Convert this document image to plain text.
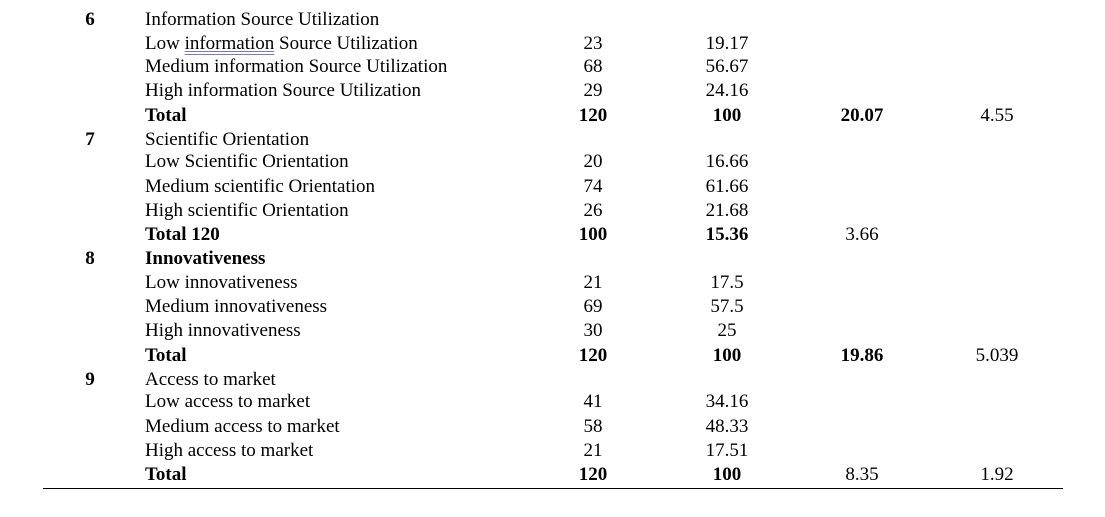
6	Information Source Utilization
Low information Source Utilization	23	19.17
Medium information Source Utilization	68	56.67
High information Source Utilization	29	24.16
Total	120	100	20.07	4.55
7	Scientific Orientation
Low Scientific Orientation	20	16.66
Medium scientific Orientation	74	61.66
High scientific Orientation	26	21.68
Total 120	100	15.36	3.66
8	Innovativeness
Low innovativeness	21	17.5
Medium innovativeness	69	57.5
High innovativeness	30	25
Total	120	100	19.86	5.039
9	Access to market
Low access to market	41	34.16
Medium access to market	58	48.33
High access to market	21	17.51
Total	120	100	8.35	1.92
